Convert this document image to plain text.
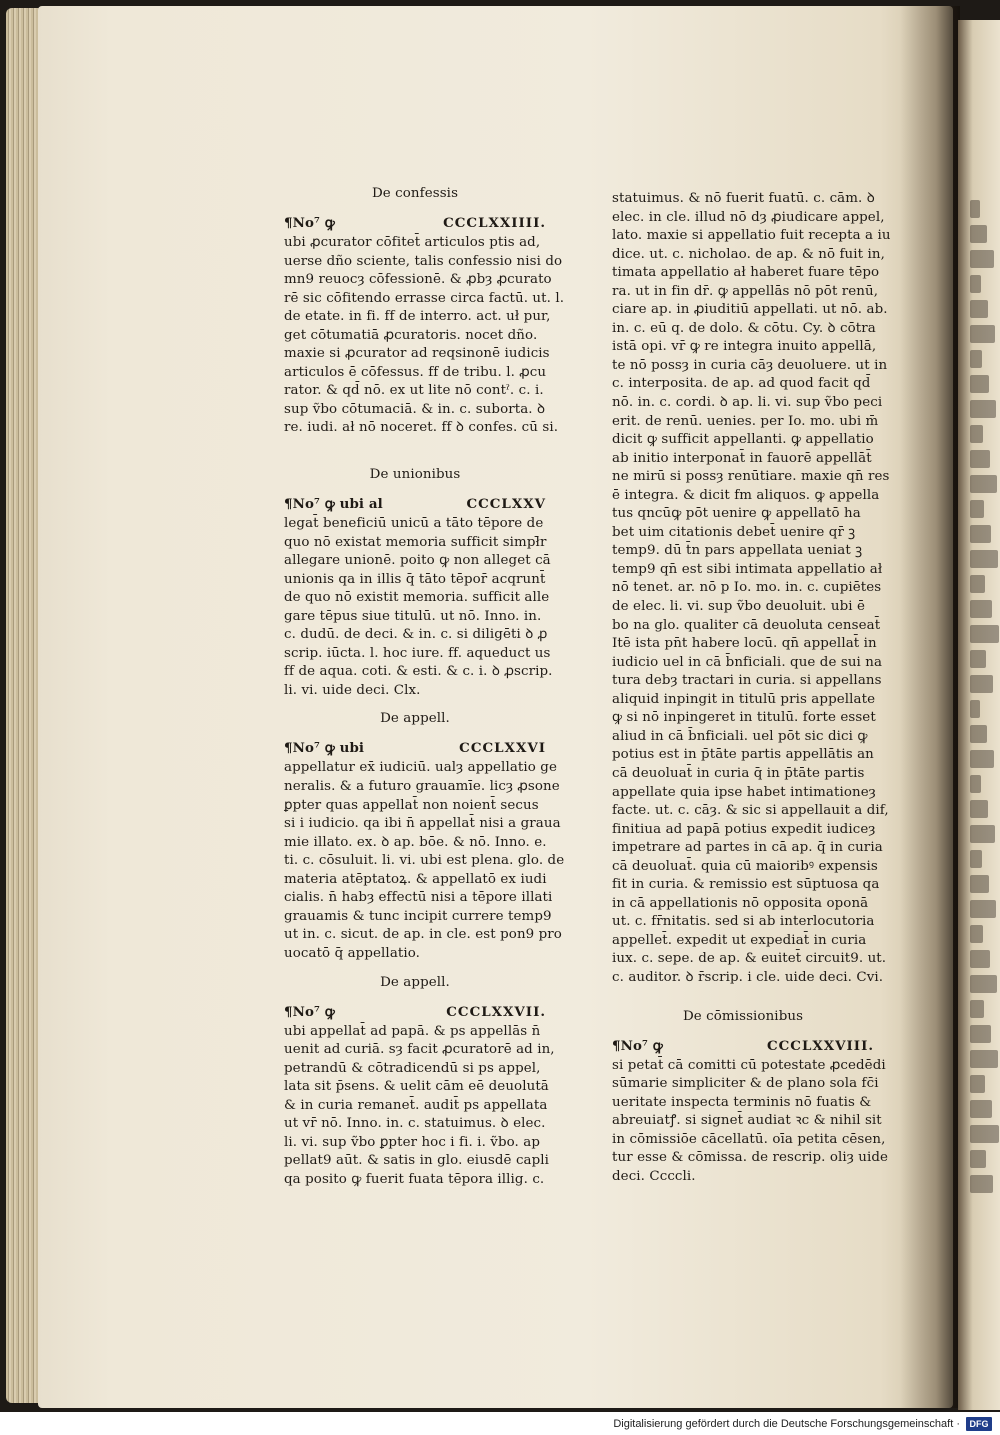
De confessis
¶No⁷ ꝙ	CCCLXXIIII.
ubi ꝓcurator cōfitet̄ articulos ptis ad,
uerse dño sciente, talis confessio nisi do
mn9 reuocȝ cōfessionē. & ꝓbȝ ꝓcurato
rē sic cōfitendo errasse circa factū. ut. l.
de etate. in fi. ff de interro. act. uł pur,
get cōtumatiā ꝓcuratoris. nocet dño.
maxie si ꝓcurator ad reqsinonē iudicis
articulos ē cōfessus. ff de tribu. l. ꝓcu
rator. & qd̄ nō. ex ut lite nō contˀ. c. i.
sup ṽbo cōtumaciā. & in. c. suborta. ꝺ
re. iudi. ał nō noceret. ff ꝺ confes. cū si.
De unionibus
¶No⁷ ꝙ ubi al	CCCLXXV
legat̄ beneficiū unicū a tāto tēpore de
quo nō existat memoria sufficit simpł̄r
allegare unionē. poito ꝙ non alleget cā
unionis qa in illis q̄ tāto tēpor̄ acqrunt̄
de quo nō existit memoria. sufficit alle
gare tēpus siue titulū. ut nō. Inno. in.
c. dudū. de deci. & in. c. si diligēti ꝺ ꝓ
scrip. iūcta. l. hoc iure. ff. aqueduct us
ff de aqua. coti. & esti. & c. i. ꝺ ꝓscrip.
li. vi. uide deci. Clx.
De appell.
¶No⁷ ꝙ ubi	CCCLXXVI
appellatur ex̄ iudiciū. ualȝ appellatio ge
neralis. & a futuro grauamīe. licȝ ꝓsone
ꝑpter quas appellat̄ non noient̄ secus
si i iudicio. qa ibi n̄ appellat̄ nisi a graua
mie illato. ex. ꝺ ap. bōe. & nō. Inno. e.
ti. c. cōsuluit. li. vi. ubi est plena. glo. de
materia atēptatoꝝ. & appellatō ex iudi
cialis. n̄ habȝ effectū nisi a tēpore illati
grauamis & tunc incipit currere temp9
ut in. c. sicut. de ap. in cle. est pon9 pro
uocatō q̄ appellatio.
De appell.
¶No⁷ ꝙ	CCCLXXVII.
ubi appellat̄ ad papā. & ps appellās n̄
uenit ad curiā. sȝ facit ꝓcuratorē ad in,
petrandū & cōtradicendū si ps appel,
lata sit p̄sens. & uelit cām eē deuolutā
& in curia remanet̄. audit̄ ps appellata
ut vr̄ nō. Inno. in. c. statuimus. ꝺ elec.
li. vi. sup ṽbo ꝑpter hoc i fi. i. ṽbo. ap
pellat9 aūt. & satis in glo. eiusdē capli
qa posito ꝙ fuerit fuata tēpora illig. c.
statuimus. & nō fuerit fuatū. c. cām. ꝺ
elec. in cle. illud nō dȝ ꝓiudicare appel,
lato. maxie si appellatio fuit recepta a iu
dice. ut. c. nicholao. de ap. & nō fuit in,
timata appellatio ał haberet fuare tēpo
ra. ut in fin dr̄. ꝙ appellās nō pōt renū,
ciare ap. in ꝓiuditiū appellati. ut nō. ab.
in. c. eū q. de dolo. & cōtu. Cy. ꝺ cōtra
istā opi. vr̄ ꝙ re integra inuito appellā,
te nō possȝ in curia cāȝ deuoluere. ut in
c. interposita. de ap. ad quod facit qd̄
nō. in. c. cordi. ꝺ ap. li. vi. sup ṽbo peci
erit. de renū. uenies. per Io. mo. ubi m̄
dicit ꝙ sufficit appellanti. ꝙ appellatio
ab initio interponat̄ in fauorē appellāt̄
ne mirū si possȝ renūtiare. maxie qn̄ res
ē integra. & dicit fm aliquos. ꝙ appella
tus qncūꝙ pōt uenire ꝙ appellatō ha
bet uim citationis debet̄ uenire qr̄ ꝫ
temp9. dū t̄n pars appellata ueniat ꝫ
temp9 qn̄ est sibi intimata appellatio ał
nō tenet. ar. nō p Io. mo. in. c. cupiētes
de elec. li. vi. sup ṽbo deuoluit. ubi ē
bo na glo. qualiter cā deuoluta censeat̄
Itē ista pn̄t habere locū. qn̄ appellat̄ in
iudicio uel in cā b̄nficiali. que de sui na
tura debȝ tractari in curia. si appellans
aliquid inpingit in titulū pris appellate
ꝙ si nō inpingeret in titulū. forte esset
aliud in cā b̄nficiali. uel pōt sic dici ꝙ
potius est in p̄tāte partis appellātis an
cā deuoluat̄ in curia q̄ in p̄tāte partis
appellate quia ipse habet intimationeȝ
facte. ut. c. cāȝ. & sic si appellauit a dif,
finitiua ad papā potius expedit iudiceȝ
impetrare ad partes in cā ap. q̄ in curia
cā deuoluat̄. quia cū maioribꝰ expensis
fit in curia. & remissio est sūptuosa qa
in cā appellationis nō opposita oponā
ut. c. fr̄nitatis. sed si ab interlocutoria
appellet̄. expedit ut expediat̄ in curia
iux. c. sepe. de ap. & euitet̄ circuit9. ut.
c. auditor. ꝺ r̄scrip. i cle. uide deci. Cvi.
De cōmissionibus
¶No⁷ ꝙ	CCCLXXVIII.
si petat̄ cā comitti cū potestate ꝓcedēdi
sūmarie simpliciter & de plano sola fc̄i
ueritate inspecta terminis nō fuatis &
abreuiatꝭ. si signet̄ audiat ꝛc & nihil sit
in cōmissiōe cācellatū. oīa petita cēsen,
tur esse & cōmissa. de rescrip. oliȝ uide
deci. Ccccli.
Digitalisierung gefördert durch die Deutsche Forschungsgemeinschaft ·	DFG
